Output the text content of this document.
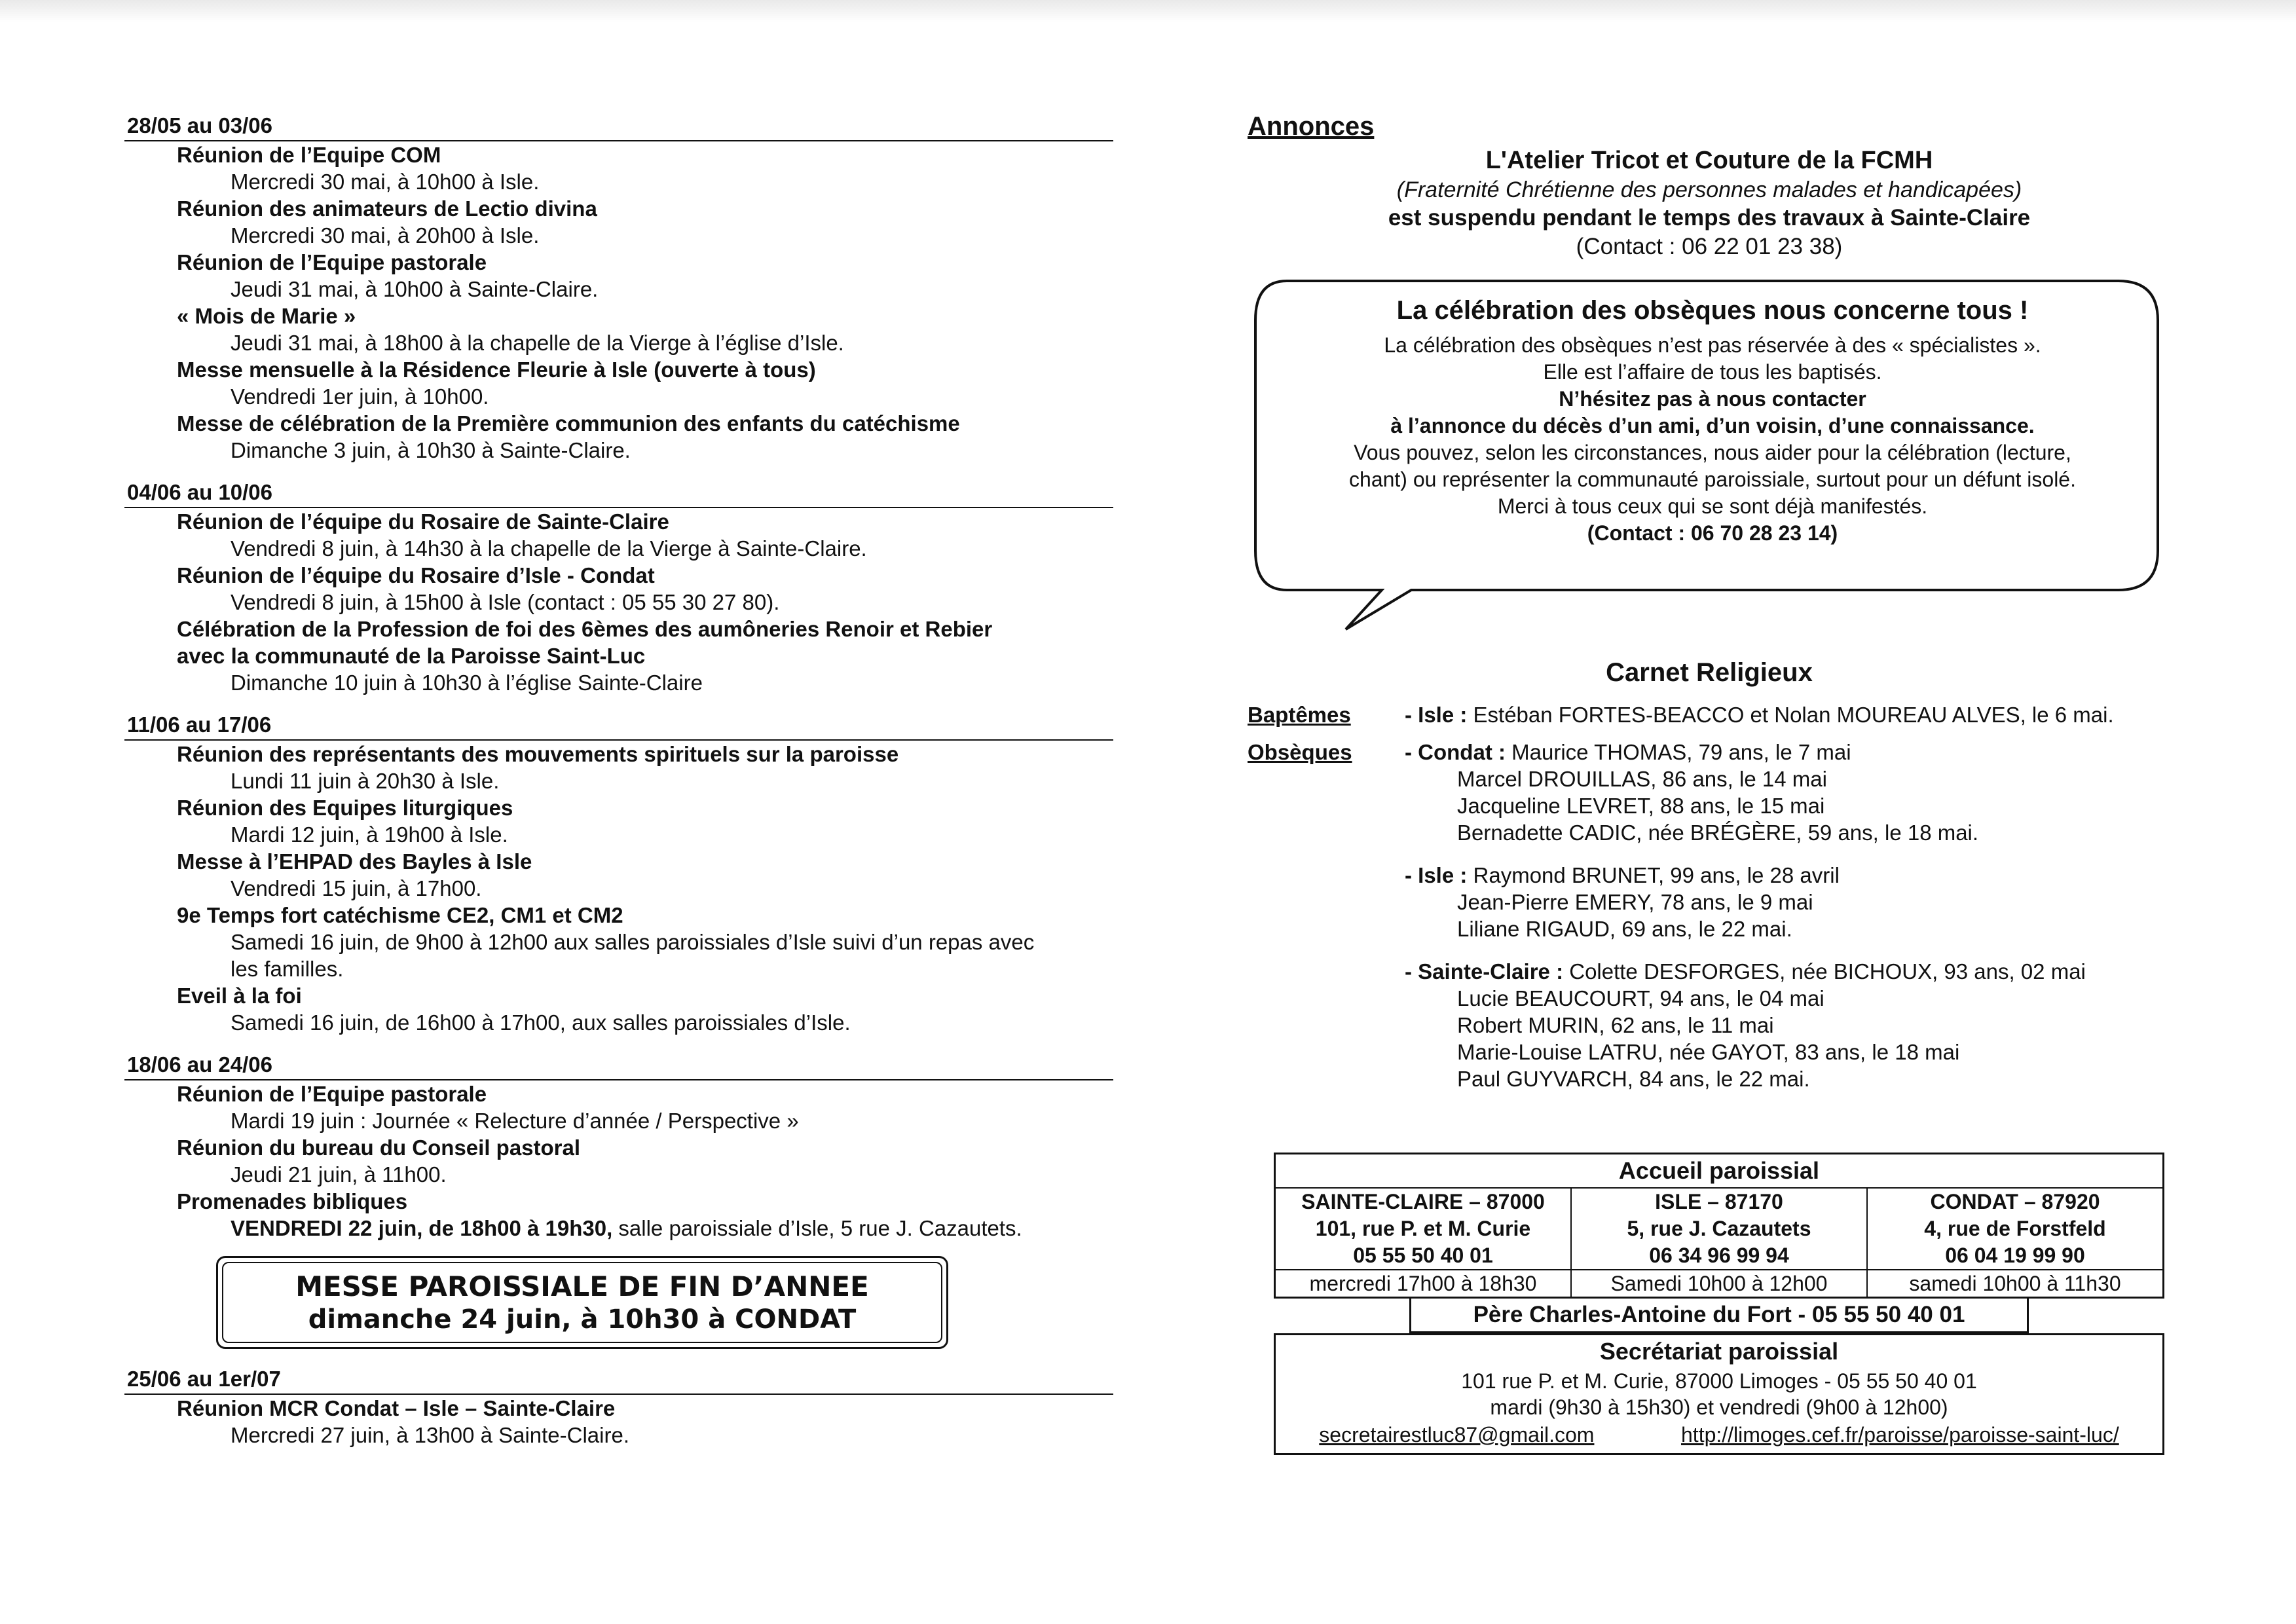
28/05 au 03/06
Réunion de l’Equipe COM
Mercredi 30 mai, à 10h00 à Isle.
Réunion des animateurs de Lectio divina
Mercredi 30 mai, à 20h00 à Isle.
Réunion de l’Equipe pastorale
Jeudi 31 mai, à 10h00 à Sainte-Claire.
« Mois de Marie »
Jeudi 31 mai, à 18h00 à la chapelle de la Vierge à l’église d’Isle.
Messe mensuelle à la Résidence Fleurie à Isle (ouverte à tous)
Vendredi 1er juin, à 10h00.
Messe de célébration de la Première communion des enfants du catéchisme
Dimanche 3 juin, à 10h30 à Sainte-Claire.
04/06 au 10/06
Réunion de l’équipe du Rosaire de Sainte-Claire
Vendredi 8 juin, à 14h30 à la chapelle de la Vierge à Sainte-Claire.
Réunion de l’équipe du Rosaire d’Isle - Condat
Vendredi 8 juin, à 15h00 à Isle (contact : 05 55 30 27 80).
Célébration de la Profession de foi des 6èmes des aumôneries Renoir et Rebier
avec la communauté de la Paroisse Saint-Luc
Dimanche 10 juin à 10h30 à l’église Sainte-Claire
11/06 au 17/06
Réunion des représentants des mouvements spirituels sur la paroisse
Lundi 11 juin à 20h30 à Isle.
Réunion des Equipes liturgiques
Mardi 12 juin, à 19h00 à Isle.
Messe à l’EHPAD des Bayles à Isle
Vendredi 15 juin, à 17h00.
9e Temps fort catéchisme CE2, CM1 et CM2
Samedi 16 juin, de 9h00 à 12h00 aux salles paroissiales d’Isle suivi d’un repas avec
les familles.
Eveil à la foi
Samedi 16 juin, de 16h00 à 17h00, aux salles paroissiales d’Isle.
18/06 au 24/06
Réunion de l’Equipe pastorale
Mardi 19 juin : Journée « Relecture d’année / Perspective »
Réunion du bureau du Conseil pastoral
Jeudi 21 juin, à 11h00.
Promenades bibliques
VENDREDI 22 juin, de 18h00 à 19h30, salle paroissiale d’Isle, 5 rue J. Cazautets.
MESSE PAROISSIALE DE FIN D’ANNEE
dimanche 24 juin, à 10h30 à CONDAT
25/06 au 1er/07
Réunion MCR Condat – Isle – Sainte-Claire
Mercredi 27 juin, à 13h00 à Sainte-Claire.
Annonces
L'Atelier Tricot et Couture de la FCMH
(Fraternité Chrétienne des personnes malades et handicapées)
est suspendu pendant le temps des travaux à Sainte-Claire
(Contact : 06 22 01 23 38)
La célébration des obsèques nous concerne tous !
La célébration des obsèques n’est pas réservée à des « spécialistes ».
Elle est l’affaire de tous les baptisés.
N’hésitez pas à nous contacter
à l’annonce du décès d’un ami, d’un voisin, d’une connaissance.
Vous pouvez, selon les circonstances, nous aider pour la célébration (lecture,
chant) ou représenter la communauté paroissiale, surtout pour un défunt isolé.
Merci à tous ceux qui se sont déjà manifestés.
(Contact : 06 70 28 23 14)
Carnet Religieux
Baptêmes - Isle : Estéban FORTES-BEACCO et Nolan MOUREAU ALVES, le 6 mai.
Obsèques - Condat : Maurice THOMAS, 79 ans, le 7 mai
Marcel DROUILLAS, 86 ans, le 14 mai
Jacqueline LEVRET, 88 ans, le 15 mai
Bernadette CADIC, née BRÉGÈRE, 59 ans, le 18 mai.
- Isle : Raymond BRUNET, 99 ans, le 28 avril
Jean-Pierre EMERY, 78 ans, le 9 mai
Liliane RIGAUD, 69 ans, le 22 mai.
- Sainte-Claire : Colette DESFORGES, née BICHOUX, 93 ans, 02 mai
Lucie BEAUCOURT, 94 ans, le 04 mai
Robert MURIN, 62 ans, le 11 mai
Marie-Louise LATRU, née GAYOT, 83 ans, le 18 mai
Paul GUYVARCH, 84 ans, le 22 mai.
Accueil paroissial
SAINTE-CLAIRE – 87000
101, rue P. et M. Curie
05 55 50 40 01
mercredi 17h00 à 18h30
ISLE – 87170
5, rue J. Cazautets
06 34 96 99 94
Samedi 10h00 à 12h00
CONDAT – 87920
4, rue de Forstfeld
06 04 19 99 90
samedi 10h00 à 11h30
Père Charles-Antoine du Fort - 05 55 50 40 01
Secrétariat paroissial
101 rue P. et M. Curie, 87000 Limoges - 05 55 50 40 01
mardi (9h30 à 15h30) et vendredi (9h00 à 12h00)
secretairestluc87@gmail.com	http://limoges.cef.fr/paroisse/paroisse-saint-luc/
